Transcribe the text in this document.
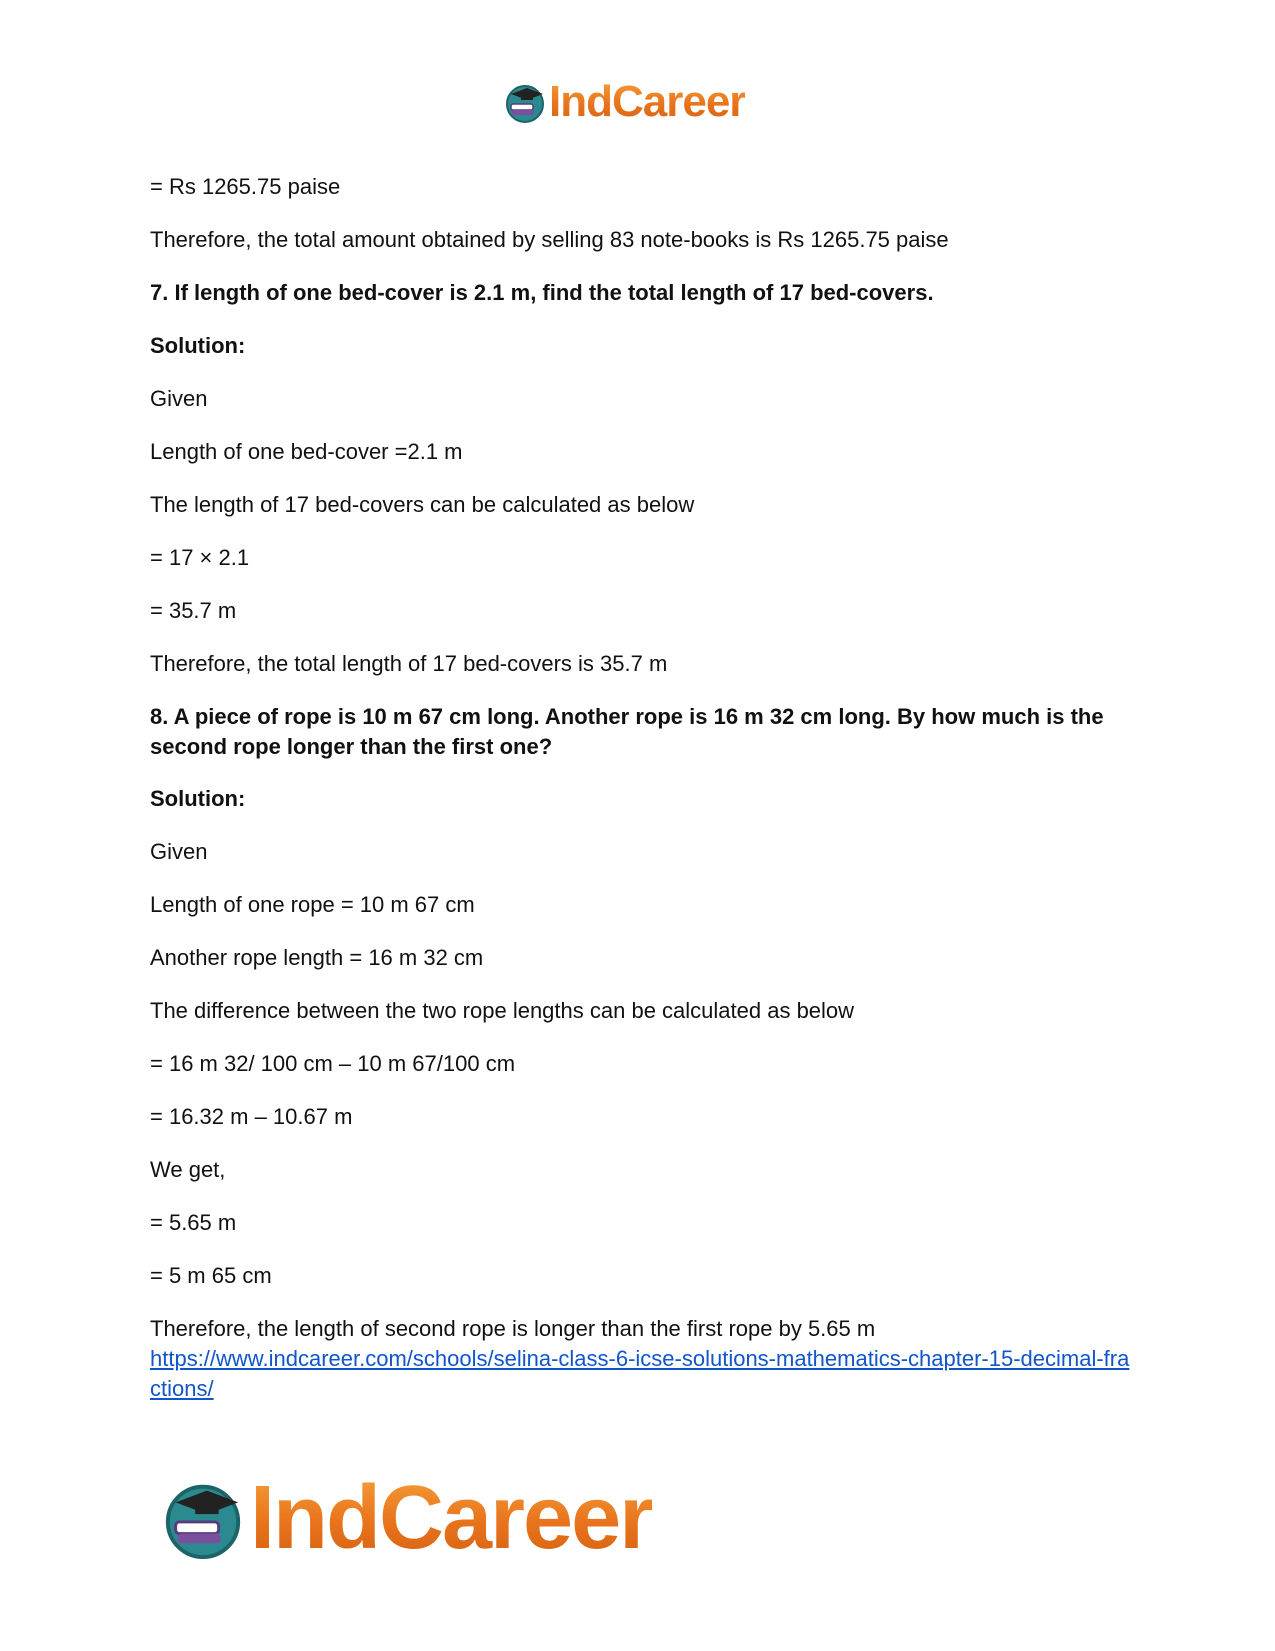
IndCareer

= Rs 1265.75 paise

Therefore, the total amount obtained by selling 83 note-books is Rs 1265.75 paise

7. If length of one bed-cover is 2.1 m, find the total length of 17 bed-covers.

Solution:

Given

Length of one bed-cover =2.1 m

The length of 17 bed-covers can be calculated as below

= 17 × 2.1

= 35.7 m

Therefore, the total length of 17 bed-covers is 35.7 m

8. A piece of rope is 10 m 67 cm long. Another rope is 16 m 32 cm long. By how much is the second rope longer than the first one?

Solution:

Given

Length of one rope = 10 m 67 cm

Another rope length = 16 m 32 cm

The difference between the two rope lengths can be calculated as below

= 16 m 32/ 100 cm – 10 m 67/100 cm

= 16.32 m – 10.67 m

We get,

= 5.65 m

= 5 m 65 cm

Therefore, the length of second rope is longer than the first rope by 5.65 m

https://www.indcareer.com/schools/selina-class-6-icse-solutions-mathematics-chapter-15-decimal-fractions/
IndCareer
